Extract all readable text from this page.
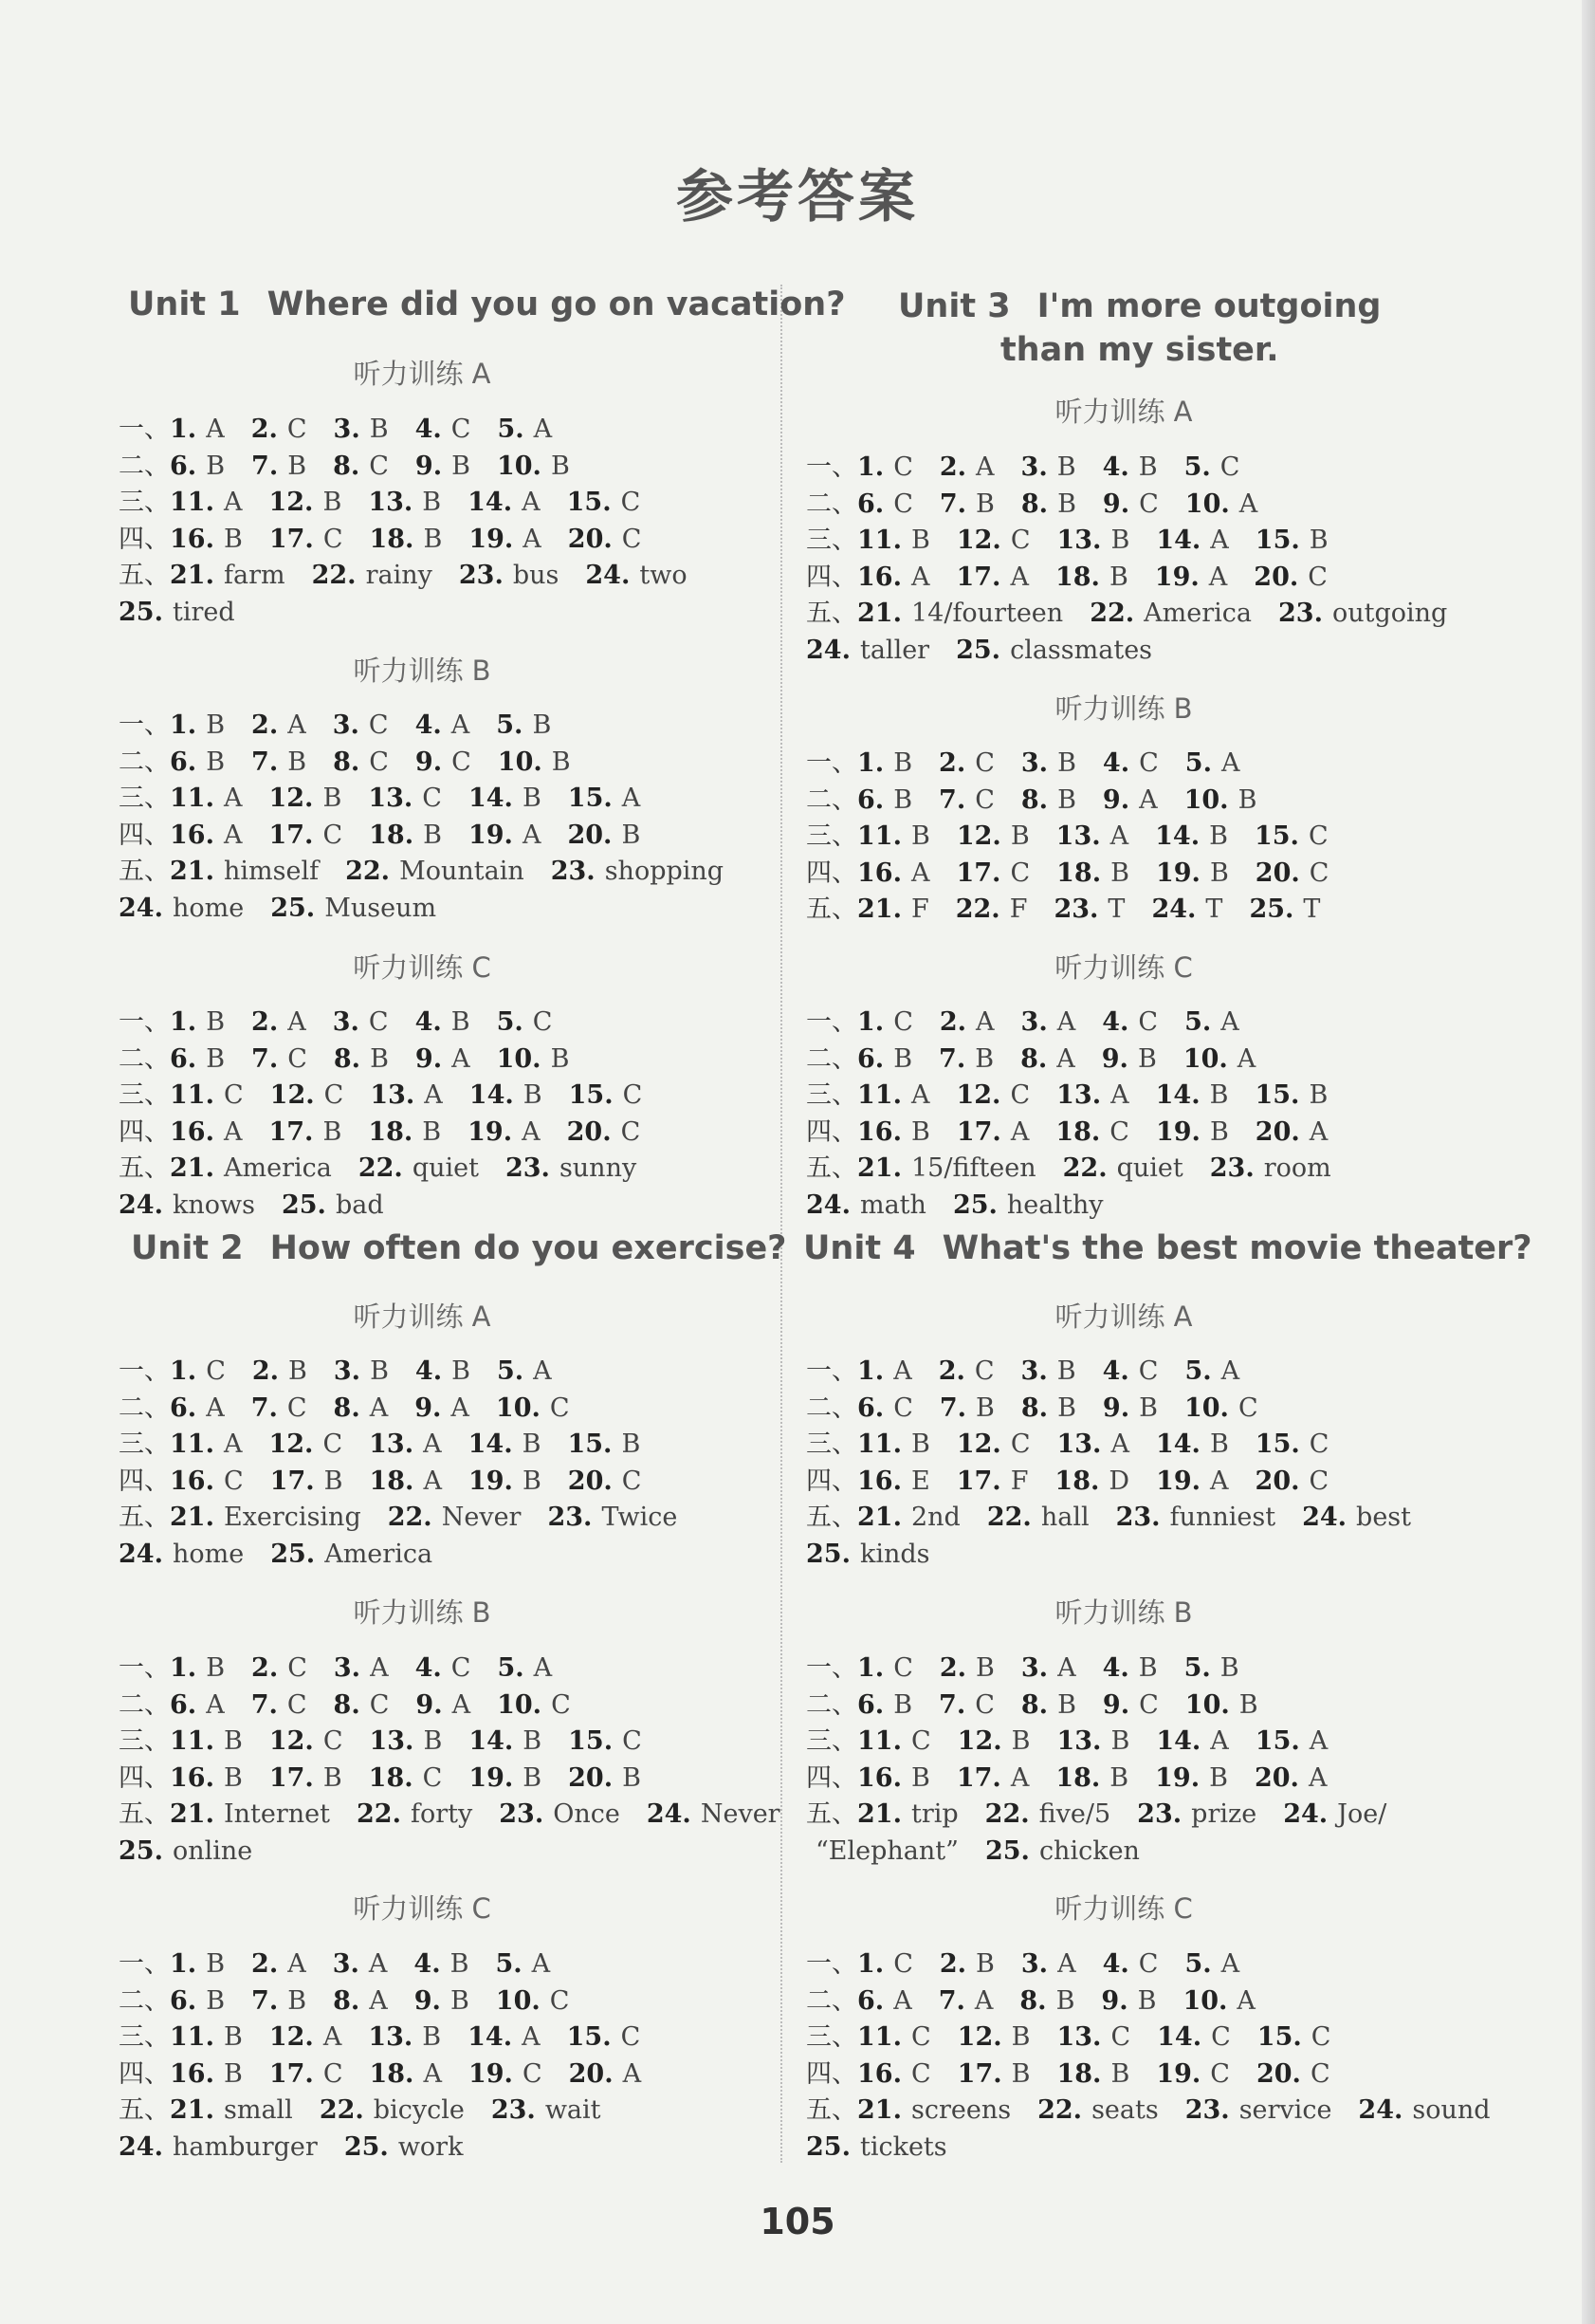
参考答案
Unit 1 Where did you go on vacation?
听力训练 A
一、1. A 2. C 3. B 4. C 5. A
二、6. B 7. B 8. C 9. B 10. B
三、11. A 12. B 13. B 14. A 15. C
四、16. B 17. C 18. B 19. A 20. C
五、21. farm 22. rainy 23. bus 24. two
25. tired
听力训练 B
一、1. B 2. A 3. C 4. A 5. B
二、6. B 7. B 8. C 9. C 10. B
三、11. A 12. B 13. C 14. B 15. A
四、16. A 17. C 18. B 19. A 20. B
五、21. himself 22. Mountain 23. shopping
24. home 25. Museum
听力训练 C
一、1. B 2. A 3. C 4. B 5. C
二、6. B 7. C 8. B 9. A 10. B
三、11. C 12. C 13. A 14. B 15. C
四、16. A 17. B 18. B 19. A 20. C
五、21. America 22. quiet 23. sunny
24. knows 25. bad
Unit 2 How often do you exercise?
听力训练 A
一、1. C 2. B 3. B 4. B 5. A
二、6. A 7. C 8. A 9. A 10. C
三、11. A 12. C 13. A 14. B 15. B
四、16. C 17. B 18. A 19. B 20. C
五、21. Exercising 22. Never 23. Twice
24. home 25. America
听力训练 B
一、1. B 2. C 3. A 4. C 5. A
二、6. A 7. C 8. C 9. A 10. C
三、11. B 12. C 13. B 14. B 15. C
四、16. B 17. B 18. C 19. B 20. B
五、21. Internet 22. forty 23. Once 24. Never
25. online
听力训练 C
一、1. B 2. A 3. A 4. B 5. A
二、6. B 7. B 8. A 9. B 10. C
三、11. B 12. A 13. B 14. A 15. C
四、16. B 17. C 18. A 19. C 20. A
五、21. small 22. bicycle 23. wait
24. hamburger 25. work
Unit 3 I'm more outgoing
than my sister.
听力训练 A
一、1. C 2. A 3. B 4. B 5. C
二、6. C 7. B 8. B 9. C 10. A
三、11. B 12. C 13. B 14. A 15. B
四、16. A 17. A 18. B 19. A 20. C
五、21. 14/fourteen 22. America 23. outgoing
24. taller 25. classmates
听力训练 B
一、1. B 2. C 3. B 4. C 5. A
二、6. B 7. C 8. B 9. A 10. B
三、11. B 12. B 13. A 14. B 15. C
四、16. A 17. C 18. B 19. B 20. C
五、21. F 22. F 23. T 24. T 25. T
听力训练 C
一、1. C 2. A 3. A 4. C 5. A
二、6. B 7. B 8. A 9. B 10. A
三、11. A 12. C 13. A 14. B 15. B
四、16. B 17. A 18. C 19. B 20. A
五、21. 15/fifteen 22. quiet 23. room
24. math 25. healthy
Unit 4 What's the best movie theater?
听力训练 A
一、1. A 2. C 3. B 4. C 5. A
二、6. C 7. B 8. B 9. B 10. C
三、11. B 12. C 13. A 14. B 15. C
四、16. E 17. F 18. D 19. A 20. C
五、21. 2nd 22. hall 23. funniest 24. best
25. kinds
听力训练 B
一、1. C 2. B 3. A 4. B 5. B
二、6. B 7. C 8. B 9. C 10. B
三、11. C 12. B 13. B 14. A 15. A
四、16. B 17. A 18. B 19. B 20. A
五、21. trip 22. five/5 23. prize 24. Joe/
“Elephant” 25. chicken
听力训练 C
一、1. C 2. B 3. A 4. C 5. A
二、6. A 7. A 8. B 9. B 10. A
三、11. C 12. B 13. C 14. C 15. C
四、16. C 17. B 18. B 19. C 20. C
五、21. screens 22. seats 23. service 24. sound
25. tickets
105
